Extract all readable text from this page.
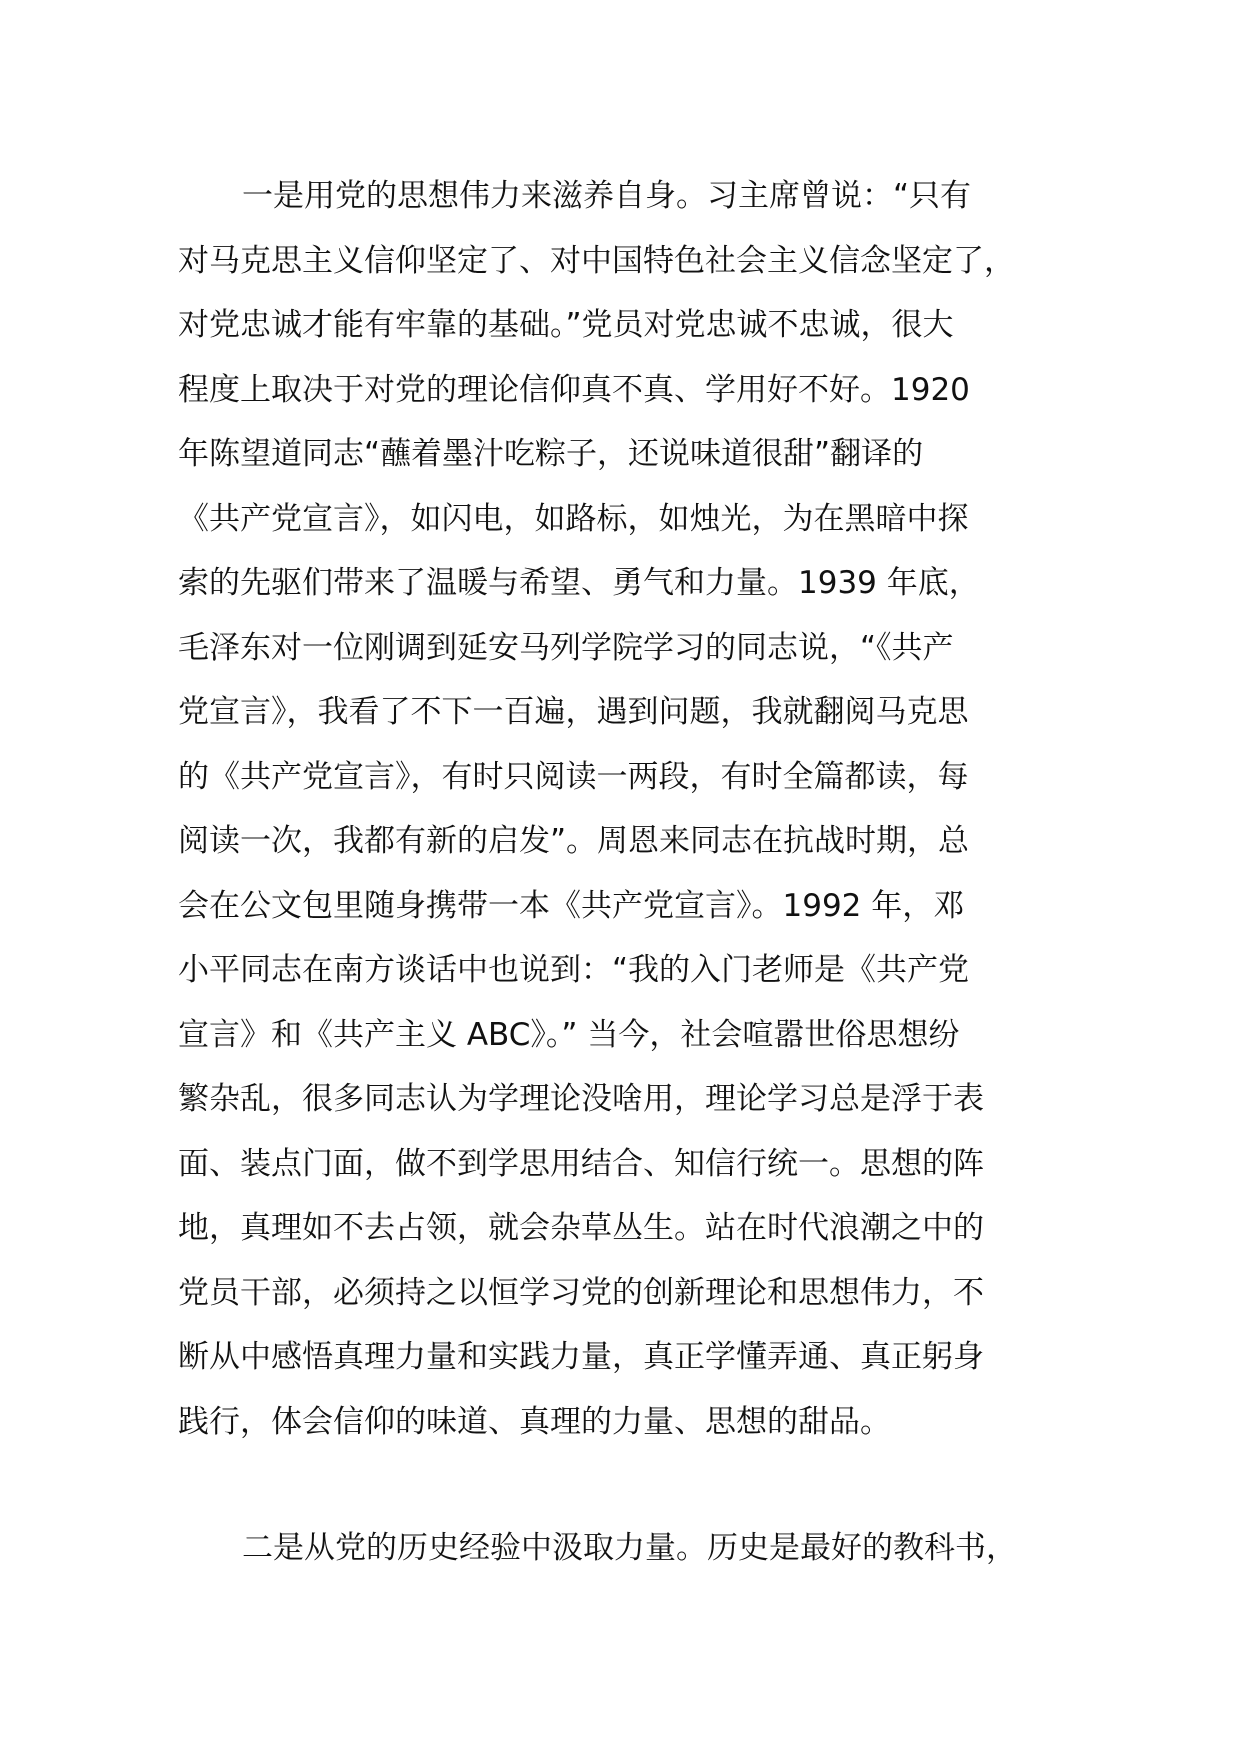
一是用党的思想伟力来滋养自身。习主席曾说：“只有
对马克思主义信仰坚定了、对中国特色社会主义信念坚定了，
对党忠诚才能有牢靠的基础。”党员对党忠诚不忠诚，很大
程度上取决于对党的理论信仰真不真、学用好不好。1920
年陈望道同志“蘸着墨汁吃粽子，还说味道很甜”翻译的
《共产党宣言》，如闪电，如路标，如烛光，为在黑暗中探
索的先驱们带来了温暖与希望、勇气和力量。1939 年底，
毛泽东对一位刚调到延安马列学院学习的同志说，“《共产
党宣言》，我看了不下一百遍，遇到问题，我就翻阅马克思
的《共产党宣言》，有时只阅读一两段，有时全篇都读，每
阅读一次，我都有新的启发”。周恩来同志在抗战时期，总
会在公文包里随身携带一本《共产党宣言》。1992 年，邓
小平同志在南方谈话中也说到：“我的入门老师是《共产党
宣言》和《共产主义 ABC》。” 当今，社会喧嚣世俗思想纷
繁杂乱，很多同志认为学理论没啥用，理论学习总是浮于表
面、装点门面，做不到学思用结合、知信行统一。思想的阵
地，真理如不去占领，就会杂草丛生。站在时代浪潮之中的
党员干部，必须持之以恒学习党的创新理论和思想伟力，不
断从中感悟真理力量和实践力量，真正学懂弄通、真正躬身
践行，体会信仰的味道、真理的力量、思想的甜品。
二是从党的历史经验中汲取力量。历史是最好的教科书，
